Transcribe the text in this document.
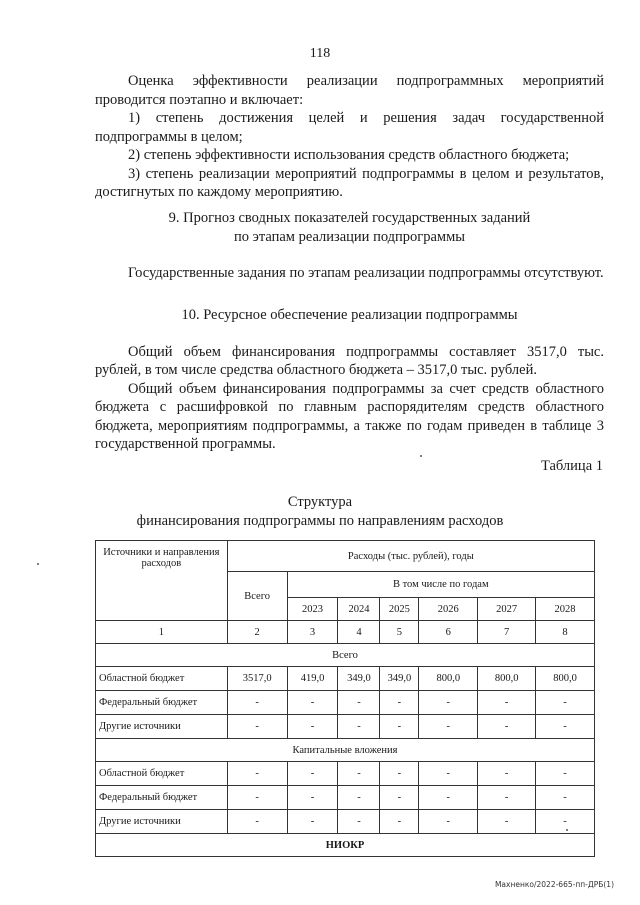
118

Оценка эффективности реализации подпрограммных мероприятий проводится поэтапно и включает:

1) степень достижения целей и решения задач государственной подпрограммы в целом;

2) степень эффективности использования средств областного бюджета;

3) степень реализации мероприятий подпрограммы в целом и результатов, достигнутых по каждому мероприятию.

9. Прогноз сводных показателей государственных заданий

по этапам реализации подпрограммы

Государственные задания по этапам реализации подпрограммы отсутствуют.

10. Ресурсное обеспечение реализации подпрограммы

Общий объем финансирования подпрограммы составляет 3517,0 тыс. рублей, в том числе средства областного бюджета – 3517,0 тыс. рублей.

Общий объем финансирования подпрограммы за счет средств областного бюджета с расшифровкой по главным распорядителям средств областного бюджета, мероприятиям подпрограммы, а также по годам приведен в таблице 3 государственной программы.

Таблица 1
Структура
финансирования подпрограммы по направлениям расходов
Источники и направления расходов	Расходы (тыс. рублей), годы						
	Всего	В том числе по годам					
		2023	2024	2025	2026	2027	2028
1	2	3	4	5	6	7	8
Всего							
Областной бюджет	3517,0	419,0	349,0	349,0	800,0	800,0	800,0
Федеральный бюджет	-	-	-	-	-	-	-
Другие источники	-	-	-	-	-	-	-
Капитальные вложения							
Областной бюджет	-	-	-	-	-	-	-
Федеральный бюджет	-	-	-	-	-	-	-
Другие источники	-	-	-	-	-	-	-
НИОКР							
Махненко/2022-665-пп-ДРБ(1)
